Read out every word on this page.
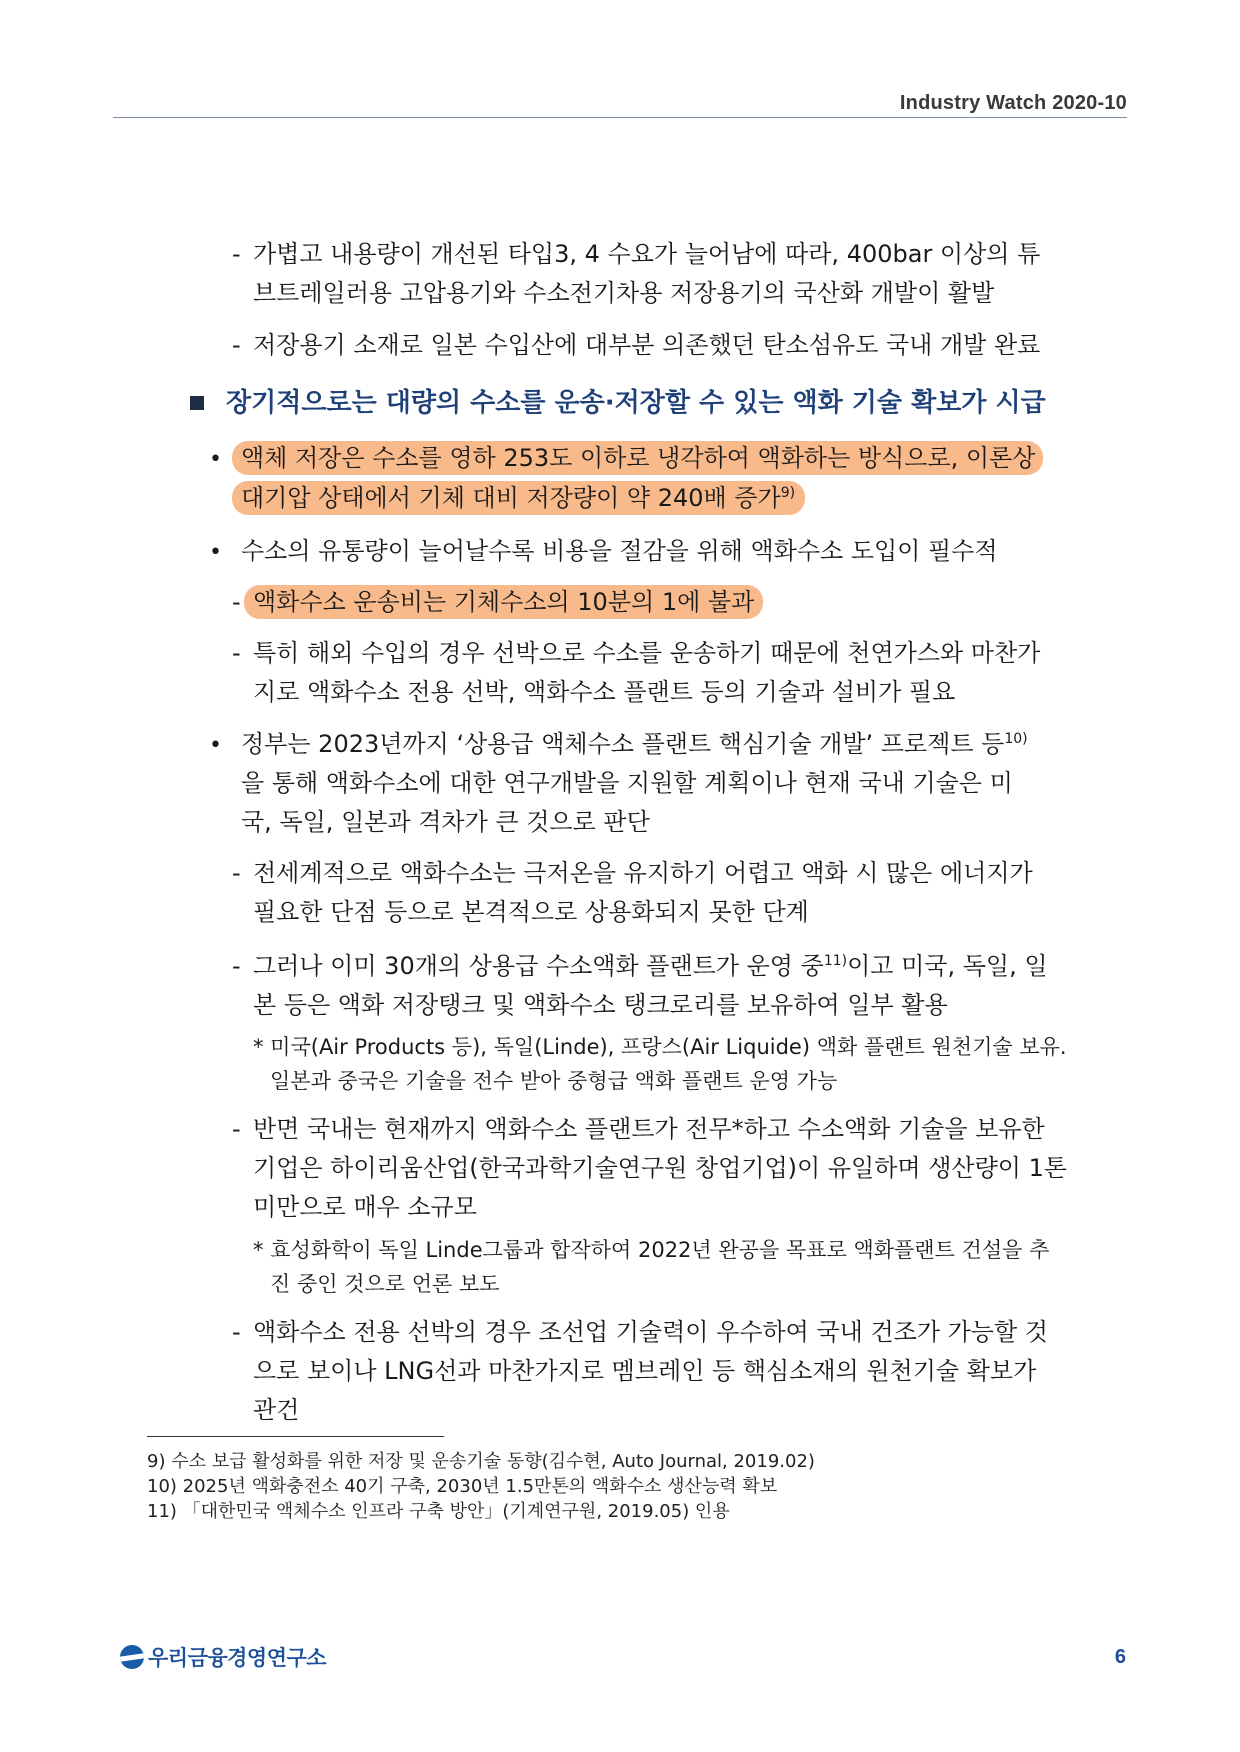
Industry Watch 2020-10
- 가볍고 내용량이 개선된 타입3, 4 수요가 늘어남에 따라, 400bar 이상의 튜
브트레일러용 고압용기와 수소전기차용 저장용기의 국산화 개발이 활발
- 저장용기 소재로 일본 수입산에 대부분 의존했던 탄소섬유도 국내 개발 완료
장기적으로는 대량의 수소를 운송·저장할 수 있는 액화 기술 확보가 시급
• 액체 저장은 수소를 영하 253도 이하로 냉각하여 액화하는 방식으로, 이론상
대기압 상태에서 기체 대비 저장량이 약 240배 증가$^{9)}$
• 수소의 유통량이 늘어날수록 비용을 절감을 위해 액화수소 도입이 필수적
- 액화수소 운송비는 기체수소의 10분의 1에 불과
- 특히 해외 수입의 경우 선박으로 수소를 운송하기 때문에 천연가스와 마찬가
지로 액화수소 전용 선박, 액화수소 플랜트 등의 기술과 설비가 필요
• 정부는 2023년까지 ‘상용급 액체수소 플랜트 핵심기술 개발’ 프로젝트 등$^{10)}$
을 통해 액화수소에 대한 연구개발을 지원할 계획이나 현재 국내 기술은 미
국, 독일, 일본과 격차가 큰 것으로 판단
- 전세계적으로 액화수소는 극저온을 유지하기 어렵고 액화 시 많은 에너지가
필요한 단점 등으로 본격적으로 상용화되지 못한 단계
- 그러나 이미 30개의 상용급 수소액화 플랜트가 운영 중$^{11)}$이고 미국, 독일, 일
본 등은 액화 저장탱크 및 액화수소 탱크로리를 보유하여 일부 활용
* 미국(Air Products 등), 독일(Linde), 프랑스(Air Liquide) 액화 플랜트 원천기술 보유.
일본과 중국은 기술을 전수 받아 중형급 액화 플랜트 운영 가능
- 반면 국내는 현재까지 액화수소 플랜트가 전무*하고 수소액화 기술을 보유한
기업은 하이리움산업(한국과학기술연구원 창업기업)이 유일하며 생산량이 1톤
미만으로 매우 소규모
* 효성화학이 독일 Linde그룹과 합작하여 2022년 완공을 목표로 액화플랜트 건설을 추
진 중인 것으로 언론 보도
- 액화수소 전용 선박의 경우 조선업 기술력이 우수하여 국내 건조가 가능할 것
으로 보이나 LNG선과 마찬가지로 멤브레인 등 핵심소재의 원천기술 확보가
관건
9) 수소 보급 활성화를 위한 저장 및 운송기술 동향(김수현, Auto Journal, 2019.02)
10) 2025년 액화충전소 40기 구축, 2030년 1.5만톤의 액화수소 생산능력 확보
11) 「대한민국 액체수소 인프라 구축 방안」(기계연구원, 2019.05) 인용
우리금융경영연구소	6
